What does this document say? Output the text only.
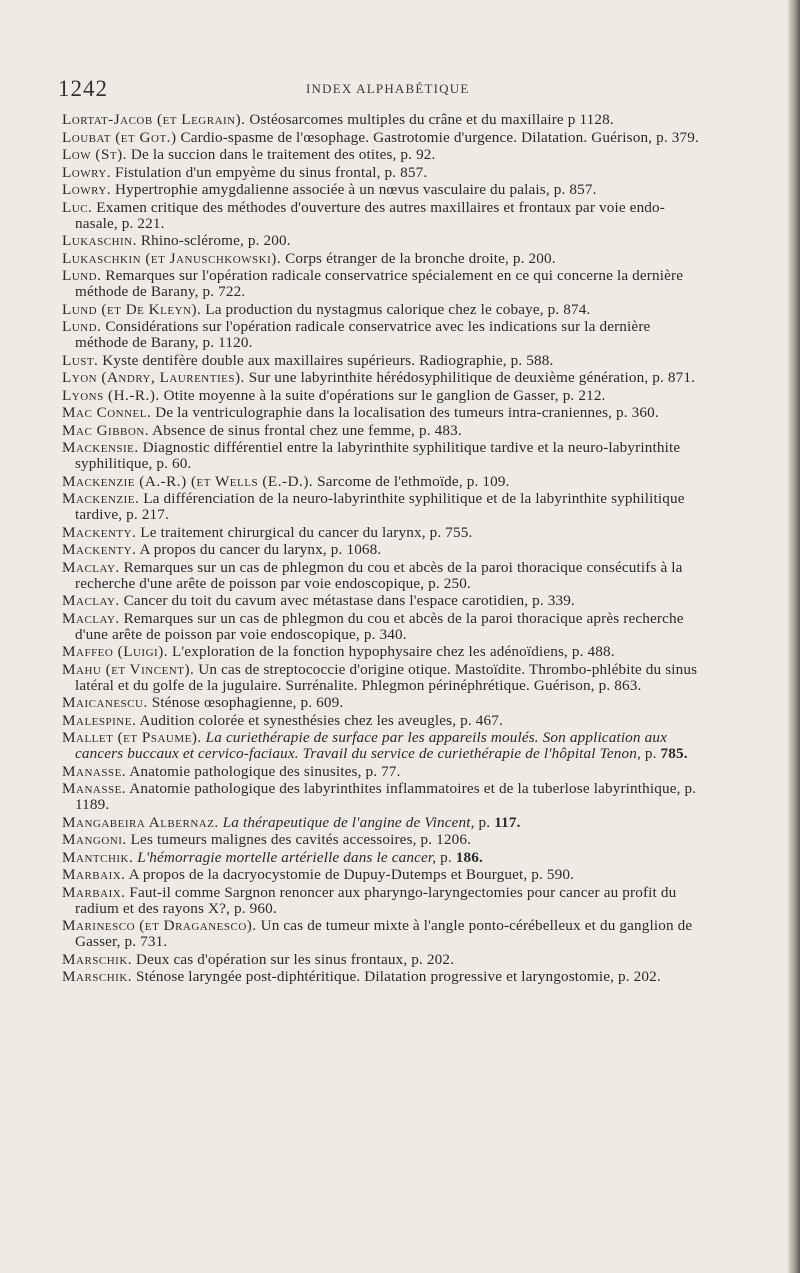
1242	INDEX ALPHABÉTIQUE

Lortat-Jacob (et Legrain). Ostéosarcomes multiples du crâne et du maxillaire p 1128.

Loubat (et Got.) Cardio-spasme de l'œsophage. Gastrotomie d'urgence. Dilatation. Guérison, p. 379.

Low (St). De la succion dans le traitement des otites, p. 92.

Lowry. Fistulation d'un empyème du sinus frontal, p. 857.

Lowry. Hypertrophie amygdalienne associée à un nœvus vasculaire du palais, p. 857.

Luc. Examen critique des méthodes d'ouverture des autres maxillaires et frontaux par voie endo-nasale, p. 221.

Lukaschin. Rhino-sclérome, p. 200.

Lukaschkin (et Januschkowski). Corps étranger de la bronche droite, p. 200.

Lund. Remarques sur l'opération radicale conservatrice spécialement en ce qui concerne la dernière méthode de Barany, p. 722.

Lund (et De Kleyn). La production du nystagmus calorique chez le cobaye, p. 874.

Lund. Considérations sur l'opération radicale conservatrice avec les indications sur la dernière méthode de Barany, p. 1120.

Lust. Kyste dentifère double aux maxillaires supérieurs. Radiographie, p. 588.

Lyon (Andry, Laurenties). Sur une labyrinthite hérédosyphilitique de deuxième génération, p. 871.

Lyons (H.-R.). Otite moyenne à la suite d'opérations sur le ganglion de Gasser, p. 212.

Mac Connel. De la ventriculographie dans la localisation des tumeurs intra-craniennes, p. 360.

Mac Gibbon. Absence de sinus frontal chez une femme, p. 483.

Mackensie. Diagnostic différentiel entre la labyrinthite syphilitique tardive et la neuro-labyrinthite syphilitique, p. 60.

Mackenzie (A.-R.) (et Wells (E.-D.). Sarcome de l'ethmoïde, p. 109.

Mackenzie. La différenciation de la neuro-labyrinthite syphilitique et de la labyrinthite syphilitique tardive, p. 217.

Mackenty. Le traitement chirurgical du cancer du larynx, p. 755.

Mackenty. A propos du cancer du larynx, p. 1068.

Maclay. Remarques sur un cas de phlegmon du cou et abcès de la paroi thoracique consécutifs à la recherche d'une arête de poisson par voie endoscopique, p. 250.

Maclay. Cancer du toit du cavum avec métastase dans l'espace carotidien, p. 339.

Maclay. Remarques sur un cas de phlegmon du cou et abcès de la paroi thoracique après recherche d'une arête de poisson par voie endoscopique, p. 340.

Maffeo (Luigi). L'exploration de la fonction hypophysaire chez les adénoïdiens, p. 488.

Mahu (et Vincent). Un cas de streptococcie d'origine otique. Mastoïdite. Thrombo-phlébite du sinus latéral et du golfe de la jugulaire. Surrénalite. Phlegmon périnéphrétique. Guérison, p. 863.

Maicanescu. Sténose œsophagienne, p. 609.

Malespine. Audition colorée et synesthésies chez les aveugles, p. 467.

Mallet (et Psaume). La curiethérapie de surface par les appareils moulés. Son application aux cancers buccaux et cervico-faciaux. Travail du service de curiethérapie de l'hôpital Tenon, p. 785.

Manasse. Anatomie pathologique des sinusites, p. 77.

Manasse. Anatomie pathologique des labyrinthites inflammatoires et de la tuberlose labyrinthique, p. 1189.

Mangabeira Albernaz. La thérapeutique de l'angine de Vincent, p. 117.

Mangoni. Les tumeurs malignes des cavités accessoires, p. 1206.

Mantchik. L'hémorragie mortelle artérielle dans le cancer, p. 186.

Marbaix. A propos de la dacryocystomie de Dupuy-Dutemps et Bourguet, p. 590.

Marbaix. Faut-il comme Sargnon renoncer aux pharyngo-laryngectomies pour cancer au profit du radium et des rayons X?, p. 960.

Marinesco (et Draganesco). Un cas de tumeur mixte à l'angle ponto-cérébelleux et du ganglion de Gasser, p. 731.

Marschik. Deux cas d'opération sur les sinus frontaux, p. 202.

Marschik. Sténose laryngée post-diphtéritique. Dilatation progressive et laryngostomie, p. 202.
